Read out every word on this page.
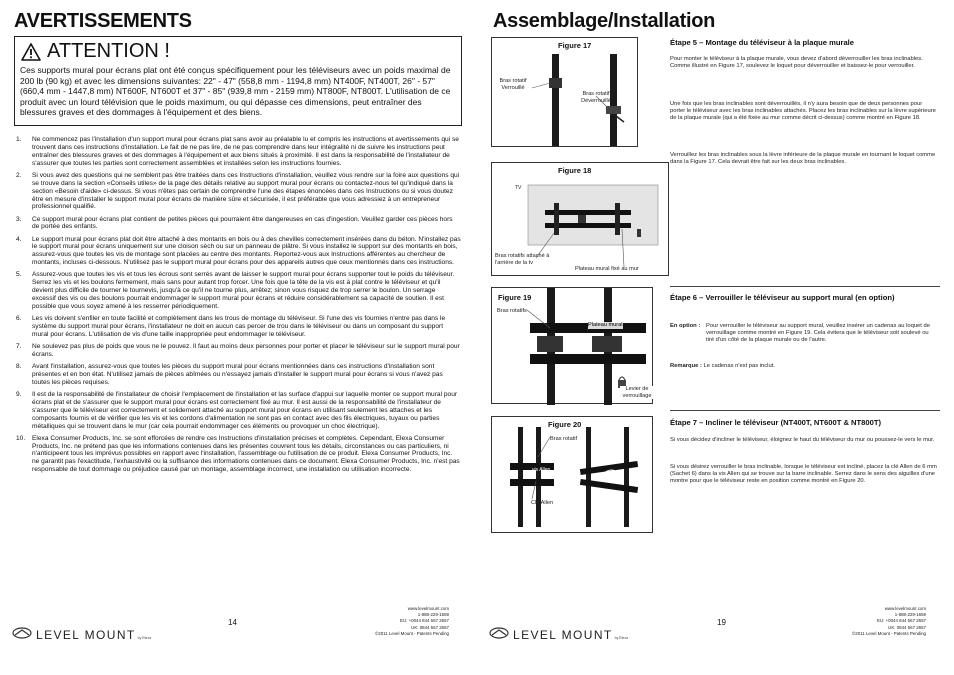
AVERTISSEMENTS
ATTENTION !
Ces supports mural pour écrans plat ont été conçus spécifiquement pour les téléviseurs avec un poids maximal de 200 lb (90 kg) et avec les dimensions suivantes: 22" - 47" (558,8 mm - 1194,8 mm) NT400F, NT400T, 26" - 57" (660,4 mm - 1447,8 mm) NT600F, NT600T et 37" - 85" (939,8 mm - 2159 mm) NT800F, NT800T. L'utilisation de ce produit avec un lourd télévision que le poids maximum, ou qui dépasse ces dimensions, peut entraîner des blessures graves et des dommages à l'équipement et des biens.
1.	Ne commencez pas l'installation d'un support mural pour écrans plat sans avoir au préalable lu et compris les instructions et avertissements qui se trouvent dans ces instructions d'installation. Le fait de ne pas lire, de ne pas comprendre dans leur intégralité ni de suivre les instructions peut entraîner des blessures graves et des dommages à l'équipement et aux biens situés à proximité. Il est dans la responsabilité de l'installateur de s'assurer que toutes les parties sont correctement assemblées et installées selon les instructions fournies.
2.	Si vous avez des questions qui ne semblent pas être traitées dans ces Instructions d'installation, veuillez vous rendre sur la foire aux questions qui se trouve dans la section «Conseils utiles» de la page des détails relative au support mural pour écrans ou contactez-nous tel qu'indiqué dans la section «Besoin d'aide» ci-dessus. Si vous n'êtes pas certain de comprendre l'une des étapes énoncées dans ces Instructions ou si vous doutez être en mesure d'installer le support mural pour écrans de manière sûre et sécurisée, il est préférable que vous adressiez à un entrepreneur professionnel qualifié.
3.	Ce support mural pour écrans plat contient de petites pièces qui pourraient être dangereuses en cas d'ingestion. Veuillez garder ces pièces hors de portée des enfants.
4.	Le support mural pour écrans plat doit être attaché à des montants en bois ou à des chevilles correctement insérées dans du béton. N'installez pas le support mural pour écrans uniquement sur une cloison sèch ou sur un panneau de plâtre. Si vous installez le support sur des montants en bois, assurez-vous que toutes les vis de montage sont placées au centre des montants. Reportez-vous aux Instructions afférentes au chercheur de montants, incluses ci-dessous. N'utilisez pas le support mural pour écrans pour des appareils autres que ceux mentionnés dans ces instructions.
5.	Assurez-vous que toutes les vis et tous les écrous sont serrés avant de laisser le support mural pour écrans supporter tout le poids du téléviseur. Serrez les vis et les boulons fermement, mais sans pour autant trop forcer. Une fois que la tête de la vis est à plat contre le téléviseur et qu'il devient plus difficile de tourner le tournevis, jusqu'à ce qu'il ne tourne plus, arrêtez; sinon vous risquez de trop serrer le boulon. Un serrage excessif des vis ou des boulons pourrait endommager le support mural pour écrans et réduire considérablement sa capacité de soutien. Il est possible que vous soyez amené à les resserrer périodiquement.
6.	Les vis doivent s'enfiler en toute facilité et complètement dans les trous de montage du téléviseur. Si l'une des vis fournies n'entre pas dans le système du support mural pour écrans, l'installateur ne doit en aucun cas percer de trou dans le téléviseur ou dans un composant du support mural pour écrans. L'utilisation de vis d'une taille inappropriée peut endommager le téléviseur.
7.	Ne soulevez pas plus de poids que vous ne le pouvez. Il faut au moins deux personnes pour porter et placer le téléviseur sur le support mural pour écrans.
8.	Avant l'installation, assurez-vous que toutes les pièces du support mural pour écrans mentionnées dans ces instructions d'installation sont présentes et en bon état. N'utilisez jamais de pièces abîmées ou n'essayez jamais d'installer le support mural pour écrans si vous n'avez pas toutes les pièces requises.
9.	Il est de la responsabilité de l'installateur de choisir l'emplacement de l'installation et las surface d'appui sur laquelle monter ce support mural pour écrans plat et de s'assurer que le support mural pour écrans est correctement fixé au mur. Il est aussi de la responsabilité de l'installateur de s'assurer que le téléviseur est correctement et solidement attaché au support mural pour écrans en utilisant seulement les attaches et les composants fournis et de vérifier que les vis et les cordons d'alimentation ne sont pas en contact avec des fils électriques, tuyaux ou parties métalliques qui se trouvent dans le mur (car cela pourrait endommager ces éléments ou provoquer un choc électrique).
10.	Elexa Consumer Products, Inc. se sont efforcées de rendre ces Instructions d'installation précises et complètes. Cependant, Elexa Consumer Products, Inc. ne prétend pas que les informations contenues dans les présentes couvrent tous les détails, circonstances ou cas particuliers, ni n'anticipeent tous les imprévus possibles en rapport avec l'installation, l'assemblage ou l'utilisation de ce produit. Elexa Consumer Products, Inc. ne garantit pas l'exactitude, l'exhaustivité ou la suffisance des informations contenues dans ce document. Elexa Consumer Products, Inc. n'est pas responsable de tout dommage ou préjudice causé par un montage, assemblage incorrect, une installation ou utilisation incorrecte.
LEVEL MOUNT by Elexa
14
www.levelmount.com
1-888-229-1659
EU: +0044 844 567 2657
UK: 0844 567 2657
©2011 Level Mount - Patents Pending
Assemblage/Installation
Figure 17
Bras rotatif Verrouillé
Bras rotatif Déverrouillé
Figure 18
TV
Bras rotatifs attaché à l'arrière de la tv
Plateau mural fixé au mur
Figure 19
Bras rotatifs
Plateau mural
Levier de verrouillage
Figure 20
Bras rotatif
vis Allen
Clé Allen
Étape 5 – Montage du téléviseur à la plaque murale
Pour monter le téléviseur à la plaque murale, vous devez d'abord déverrouiller les bras inclinables. Comme illustré en Figure 17, soulevez le loquet pour déverrouiller et baissez-le pour verrouiller.
Une fois que les bras inclinables sont déverrouillés, il n'y aura besoin que de deux personnes pour porter le téléviseur avec les bras inclinables attachés. Placez les bras inclinables sur la lèvre supérieure de la plaque murale (qui a été fixée au mur comme décrit ci-dessus) comme montré en Figure 18.
Verrouillez les bras inclinables sous la lèvre inférieure de la plaque murale en tournant le loquet comme dans la Figure 17. Cela devrait être fait sur les deux bras inclinables.
Étape 6 – Verrouiller le téléviseur au support mural (en option)
En option : Pour verrouiller le téléviseur au support mural, veuillez insérer un cadenas au loquet de verrouillage comme montré en Figure 19. Cela évitera que le téléviseur soit soulevé ou tiré d'un côté de la plaque murale ou de l'autre.
Remarque : Le cadenas n'est pas inclut.
Étape 7 – Incliner le téléviseur (NT400T, NT600T & NT800T)
Si vous décidez d'incliner le téléviseur, éloignez le haut du téléviseur du mur ou poussez-le vers le mur.
Si vous désirez verrouiller le bras inclinable, lorsque le téléviseur est incliné, placez la clé Allen de 6 mm (Sachet 6) dans la vis Allen qui se trouve sur la barre inclinable. Serrez dans le sens des aiguilles d'une montre pour que le téléviseur reste en position comme montré en Figure 20.
LEVEL MOUNT by Elexa
19
www.levelmount.com
1-888-229-1659
EU: +0044 844 567 2657
UK: 0844 567 2657
©2011 Level Mount - Patents Pending
